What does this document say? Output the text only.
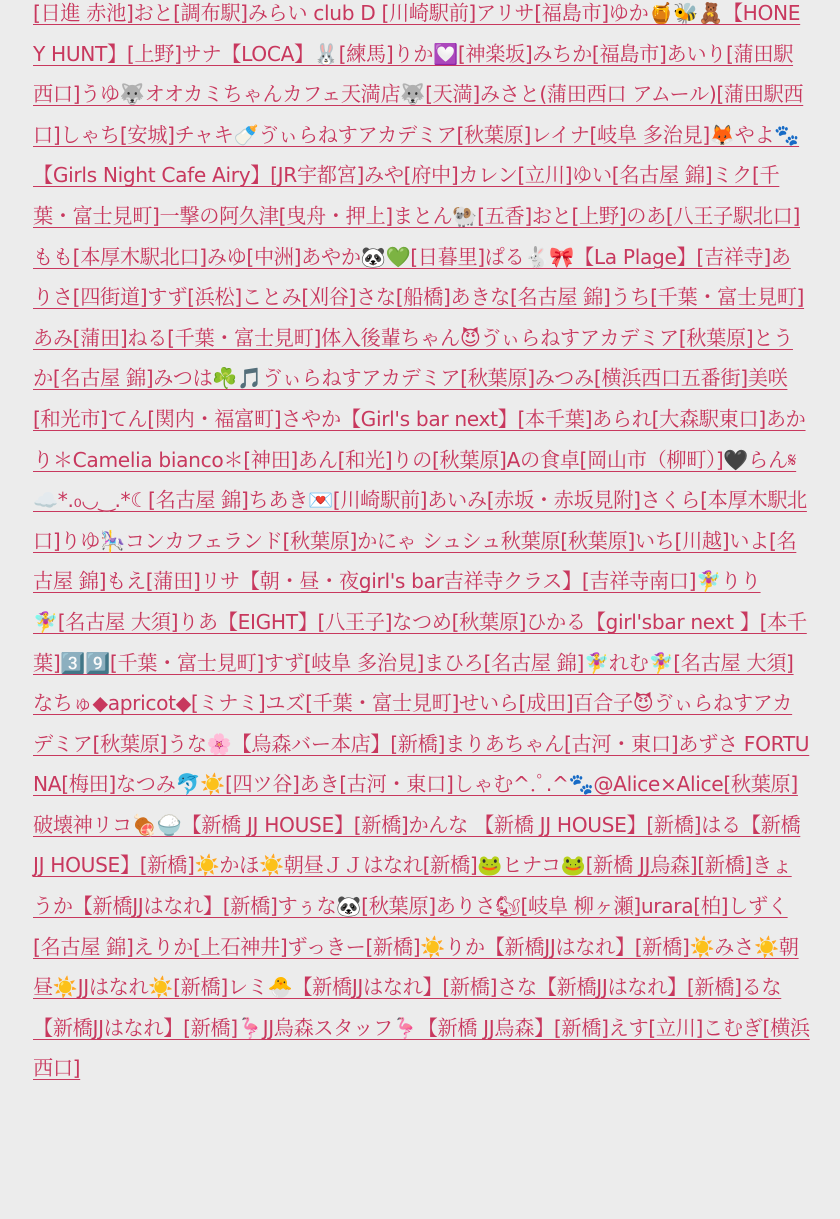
[日進 赤池]おと[調布駅]みらい club D [川崎駅前]アリサ[福島市]ゆか🍯🐝🧸【HONEY HUNT】[上野]サナ【LOCA】🐰[練馬]りか💟[神楽坂]みちか[福島市]あいり[蒲田駅西口]うゆ🐺オオカミちゃんカフェ天満店🐺[天満]みさと(蒲田西口 アムール)[蒲田駅西口]しゃち[安城]チャキ🍼ゔぃらねすアカデミア[秋葉原]レイナ[岐阜 多治見]🦊やよ🐾【Girls Night Cafe Airy】[JR宇都宮]みや[府中]カレン[立川]ゆい[名古屋 錦]ミク[千葉・富士見町]一撃の阿久津[曳舟・押上]まとん🐏[五香]おと[上野]のあ[八王子駅北口]もも[本厚木駅北口]みゆ[中洲]あやか🐼💚[日暮里]ぱる🐇🎀【La Plage】[吉祥寺]ありさ[四街道]すず[浜松]ことみ[刈谷]さな[船橋]あきな[名古屋 錦]うち[千葉・富士見町]あみ[蒲田]ねる[千葉・富士見町]体入後輩ちゃん😈ゔぃらねすアカデミア[秋葉原]とうか[名古屋 錦]みつは☘️🎵ゔぃらねすアカデミア[秋葉原]みつみ[横浜西口五番街]美咲[和光市]てん[関内・福富町]さやか【Girl's bar next】[本千葉]あられ[大森駅東口]あかり＊Camelia bianco＊[神田]あん[和光]りの[秋葉原]Aの食卓[岡山市（柳町）]🖤らん𝄋 ☁️*.₀◡‿.*☾[名古屋 錦]ちあき💌[川崎駅前]あいみ[赤坂・赤坂見附]さくら[本厚木駅北口]りゆ🎠コンカフェランド[秋葉原]かにゃ シュシュ秋葉原[秋葉原]いち[川越]いよ[名古屋 錦]もえ[蒲田]リサ【朝・昼・夜girl's bar吉祥寺クラス】[吉祥寺南口]🧚‍♀️りり🧚‍♀️[名古屋 大須]りあ【EIGHT】[八王子]なつめ[秋葉原]ひかる【girl'sbar next 】[本千葉]3️⃣9️⃣[千葉・富士見町]すず[岐阜 多治見]まひろ[名古屋 錦]🧚‍♀️れむ🧚‍♀️[名古屋 大須]なちゅ◆apricot◆[ミナミ]ユズ[千葉・富士見町]せいら[成田]百合子😈ゔぃらねすアカデミア[秋葉原]うな🌸【烏森バー本店】[新橋]まりあちゃん[古河・東口]あずさ FORTUNA[梅田]なつみ🐬☀️[四ツ谷]あき[古河・東口]しゃむ^.ﾟ.^🐾@Alice×Alice[秋葉原]破壊神リコ🍖🍚【新橋 JJ HOUSE】[新橋]かんな 【新橋 JJ HOUSE】[新橋]はる【新橋 JJ HOUSE】[新橋]☀️かほ☀️朝昼ＪＪはなれ[新橋]🐸ヒナコ🐸[新橋 JJ烏森][新橋]きょうか【新橋JJはなれ】[新橋]すぅな🐼[秋葉原]ありさ🐿[岐阜 柳ヶ瀬]urara[柏]しずく[名古屋 錦]えりか[上石神井]ずっきー[新橋]☀️りか【新橋JJはなれ】[新橋]☀️みさ☀️朝昼☀️JJはなれ☀️[新橋]レミ🐣【新橋JJはなれ】[新橋]さな【新橋JJはなれ】[新橋]るな【新橋JJはなれ】[新橋]🦩JJ烏森スタッフ🦩【新橋 JJ烏森】[新橋]えす[立川]こむぎ[横浜西口]
